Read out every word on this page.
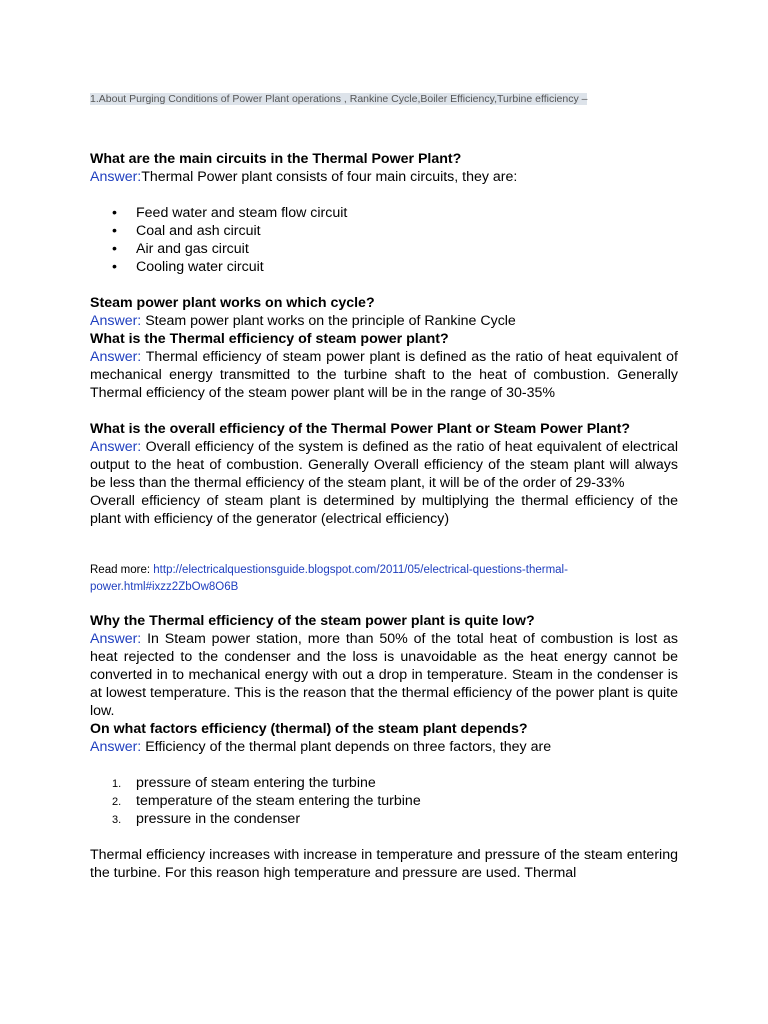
1.About Purging Conditions of Power Plant operations , Rankine Cycle,Boiler Efficiency,Turbine efficiency –

What are the main circuits in the Thermal Power Plant?

Answer:Thermal Power plant consists of four main circuits, they are:

• Feed water and steam flow circuit
• Coal and ash circuit
• Air and gas circuit
• Cooling water circuit

Steam power plant works on which cycle?

Answer: Steam power plant works on the principle of Rankine Cycle

What is the Thermal efficiency of steam power plant?

Answer: Thermal efficiency of steam power plant is defined as the ratio of heat equivalent of mechanical energy transmitted to the turbine shaft to the heat of combustion. Generally Thermal efficiency of the steam power plant will be in the range of 30-35%

What is the overall efficiency of the Thermal Power Plant or Steam Power Plant?

Answer: Overall efficiency of the system is defined as the ratio of heat equivalent of electrical output to the heat of combustion. Generally Overall efficiency of the steam plant will always be less than the thermal efficiency of the steam plant, it will be of the order of 29-33%

Overall efficiency of steam plant is determined by multiplying the thermal efficiency of the plant with efficiency of the generator (electrical efficiency)

Read more: http://electricalquestionsguide.blogspot.com/2011/05/electrical-questions-thermal-power.html#ixzz2ZbOw8O6B

Why the Thermal efficiency of the steam power plant is quite low?

Answer: In Steam power station, more than 50% of the total heat of combustion is lost as heat rejected to the condenser and the loss is unavoidable as the heat energy cannot be converted in to mechanical energy with out a drop in temperature. Steam in the condenser is at lowest temperature. This is the reason that the thermal efficiency of the power plant is quite low.

On what factors efficiency (thermal) of the steam plant depends?

Answer: Efficiency of the thermal plant depends on three factors, they are

1. pressure of steam entering the turbine
2. temperature of the steam entering the turbine
3. pressure in the condenser

Thermal efficiency increases with increase in temperature and pressure of the steam entering the turbine. For this reason high temperature and pressure are used. Thermal
